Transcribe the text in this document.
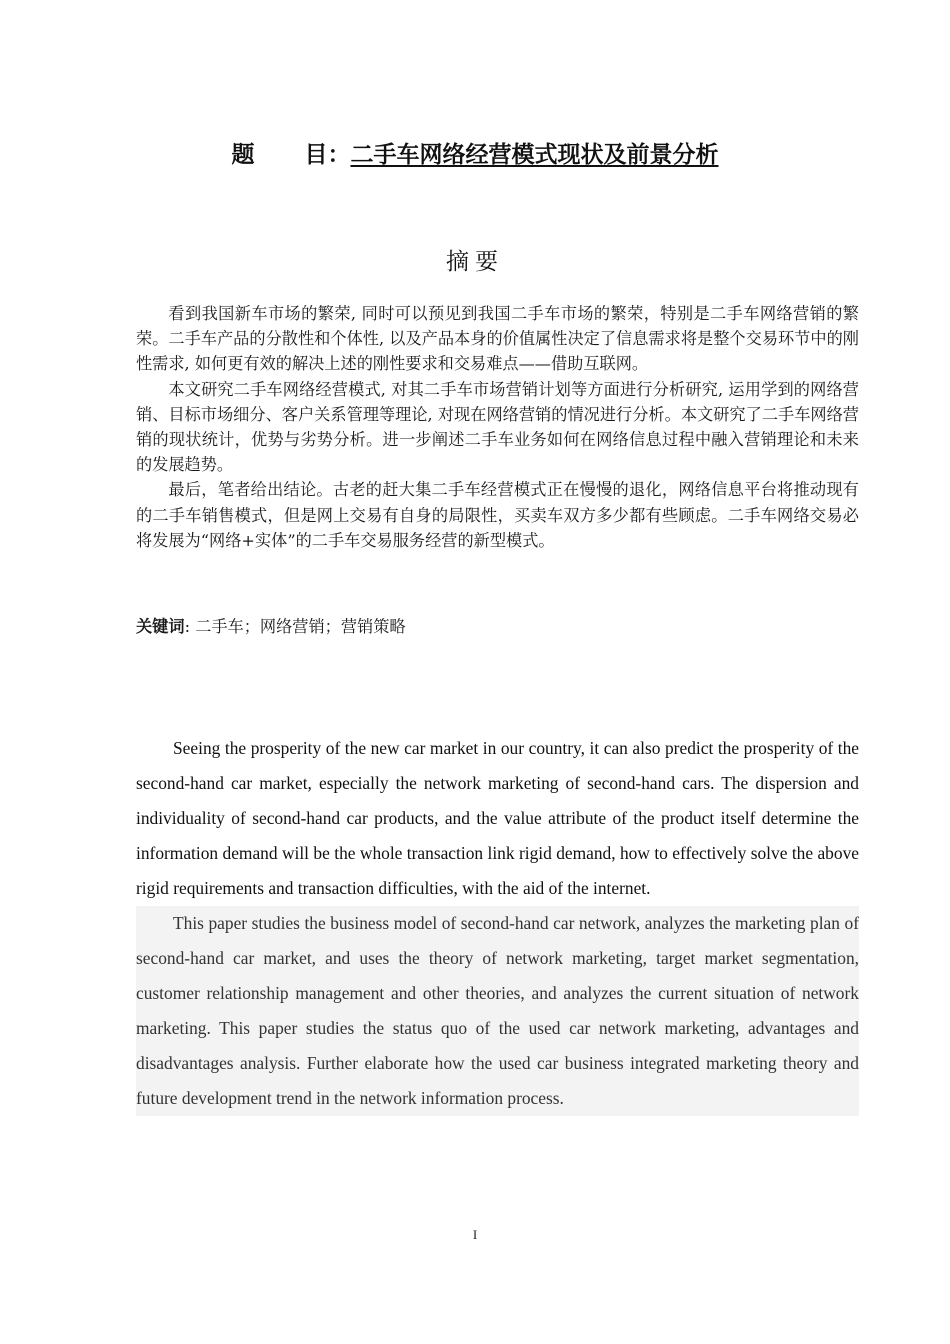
题 目：二手车网络经营模式现状及前景分析
摘要

看到我国新车市场的繁荣, 同时可以预见到我国二手车市场的繁荣，特别是二手车网络营销的繁荣。二手车产品的分散性和个体性, 以及产品本身的价值属性决定了信息需求将是整个交易环节中的刚性需求, 如何更有效的解决上述的刚性要求和交易难点——借助互联网。

本文研究二手车网络经营模式, 对其二手车市场营销计划等方面进行分析研究, 运用学到的网络营销、目标市场细分、客户关系管理等理论, 对现在网络营销的情况进行分析。本文研究了二手车网络营销的现状统计，优势与劣势分析。进一步阐述二手车业务如何在网络信息过程中融入营销理论和未来的发展趋势。

最后，笔者给出结论。古老的赶大集二手车经营模式正在慢慢的退化，网络信息平台将推动现有的二手车销售模式，但是网上交易有自身的局限性，买卖车双方多少都有些顾虑。二手车网络交易必将发展为“网络+实体”的二手车交易服务经营的新型模式。

关键词: 二手车；网络营销；营销策略

Seeing the prosperity of the new car market in our country, it can also predict the prosperity of the second-hand car market, especially the network marketing of second-hand cars. The dispersion and individuality of second-hand car products, and the value attribute of the product itself determine the information demand will be the whole transaction link rigid demand, how to effectively solve the above rigid requirements and transaction difficulties, with the aid of the internet.

This paper studies the business model of second-hand car network, analyzes the marketing plan of second-hand car market, and uses the theory of network marketing, target market segmentation, customer relationship management and other theories, and analyzes the current situation of network marketing. This paper studies the status quo of the used car network marketing, advantages and disadvantages analysis. Further elaborate how the used car business integrated marketing theory and future development trend in the network information process.

I
